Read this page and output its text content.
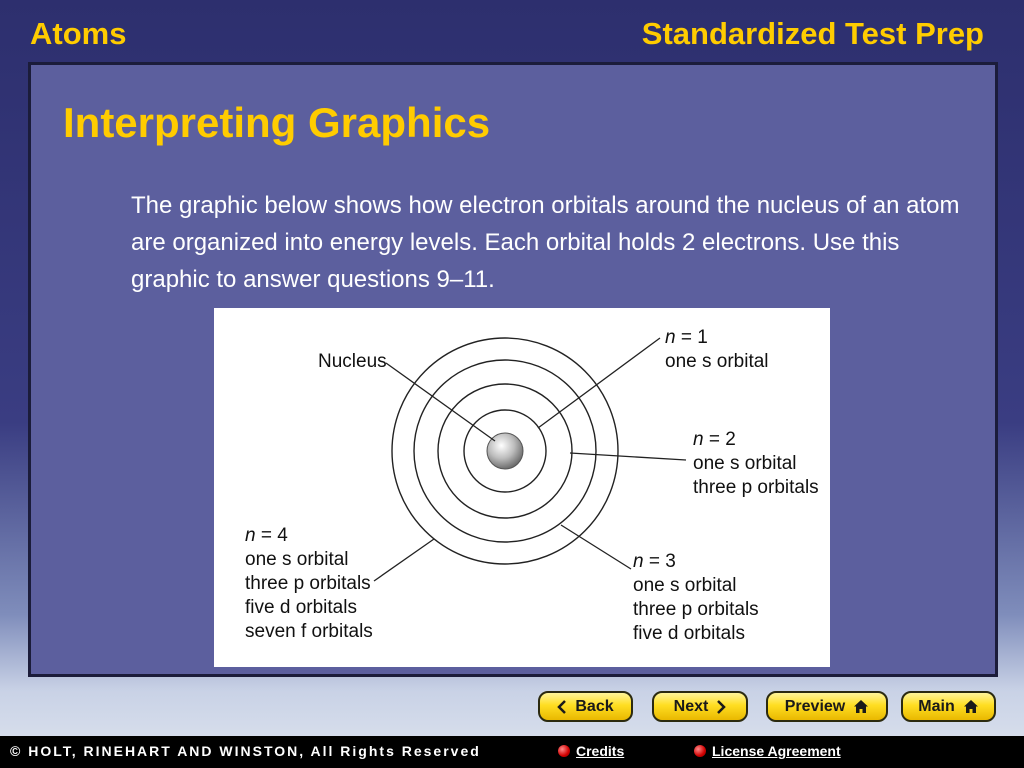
Atoms	Standardized Test Prep
Interpreting Graphics
The graphic below shows how electron orbitals around the nucleus of an atom are organized into energy levels. Each orbital holds 2 electrons. Use this graphic to answer questions 9–11.
Nucleus
n = 1
one s orbital
n = 2
one s orbital
three p orbitals
n = 3
one s orbital
three p orbitals
five d orbitals
n = 4
one s orbital
three p orbitals
five d orbitals
seven f orbitals
Back	Next	Preview	Main
© HOLT, RINEHART AND WINSTON, All Rights Reserved	Credits	License Agreement
